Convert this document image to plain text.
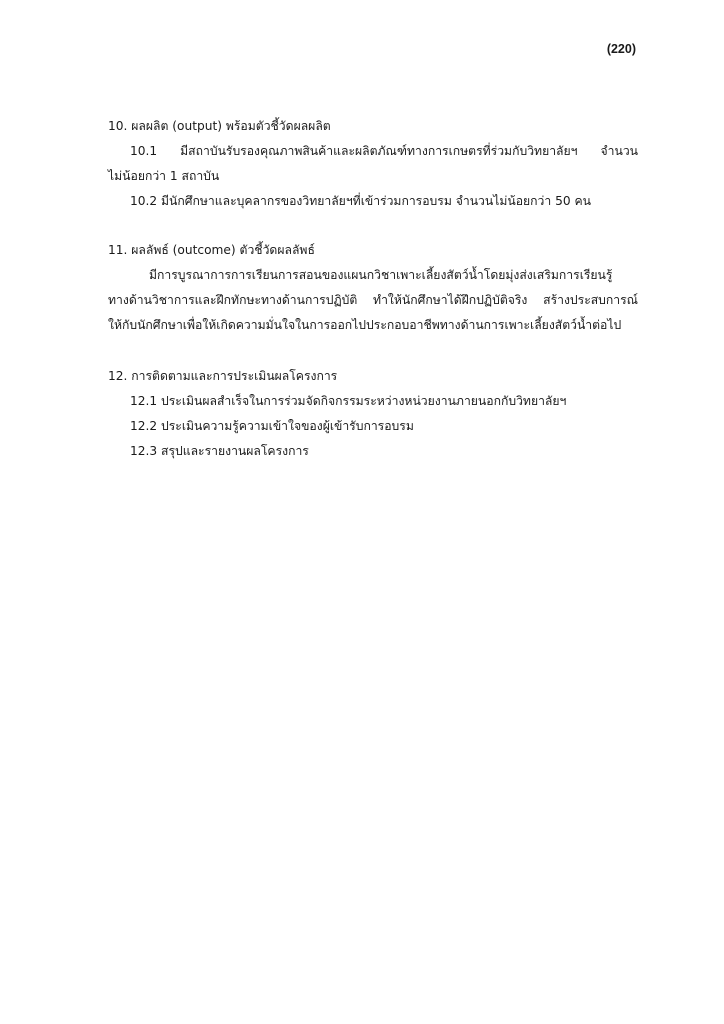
(220)

10. ผลผลิต (output) พร้อมตัวชี้วัดผลผลิต

10.1 มีสถาบันรับรองคุณภาพสินค้าและผลิตภัณฑ์ทางการเกษตรที่ร่วมกับวิทยาลัยฯ จำนวน

ไม่น้อยกว่า 1 สถาบัน

10.2 มีนักศึกษาและบุคลากรของวิทยาลัยฯที่เข้าร่วมการอบรม จำนวนไม่น้อยกว่า 50 คน

11. ผลลัพธ์ (outcome) ตัวชี้วัดผลลัพธ์

มีการบูรณาการการเรียนการสอนของแผนกวิชาเพาะเลี้ยงสัตว์น้ำโดยมุ่งส่งเสริมการเรียนรู้

ทางด้านวิชาการและฝึกทักษะทางด้านการปฏิบัติ ทำให้นักศึกษาได้ฝึกปฏิบัติจริง สร้างประสบการณ์

ให้กับนักศึกษาเพื่อให้เกิดความมั่นใจในการออกไปประกอบอาชีพทางด้านการเพาะเลี้ยงสัตว์น้ำต่อไป

12. การติดตามและการประเมินผลโครงการ

12.1 ประเมินผลสำเร็จในการร่วมจัดกิจกรรมระหว่างหน่วยงานภายนอกกับวิทยาลัยฯ

12.2 ประเมินความรู้ความเข้าใจของผู้เข้ารับการอบรม

12.3 สรุปและรายงานผลโครงการ
